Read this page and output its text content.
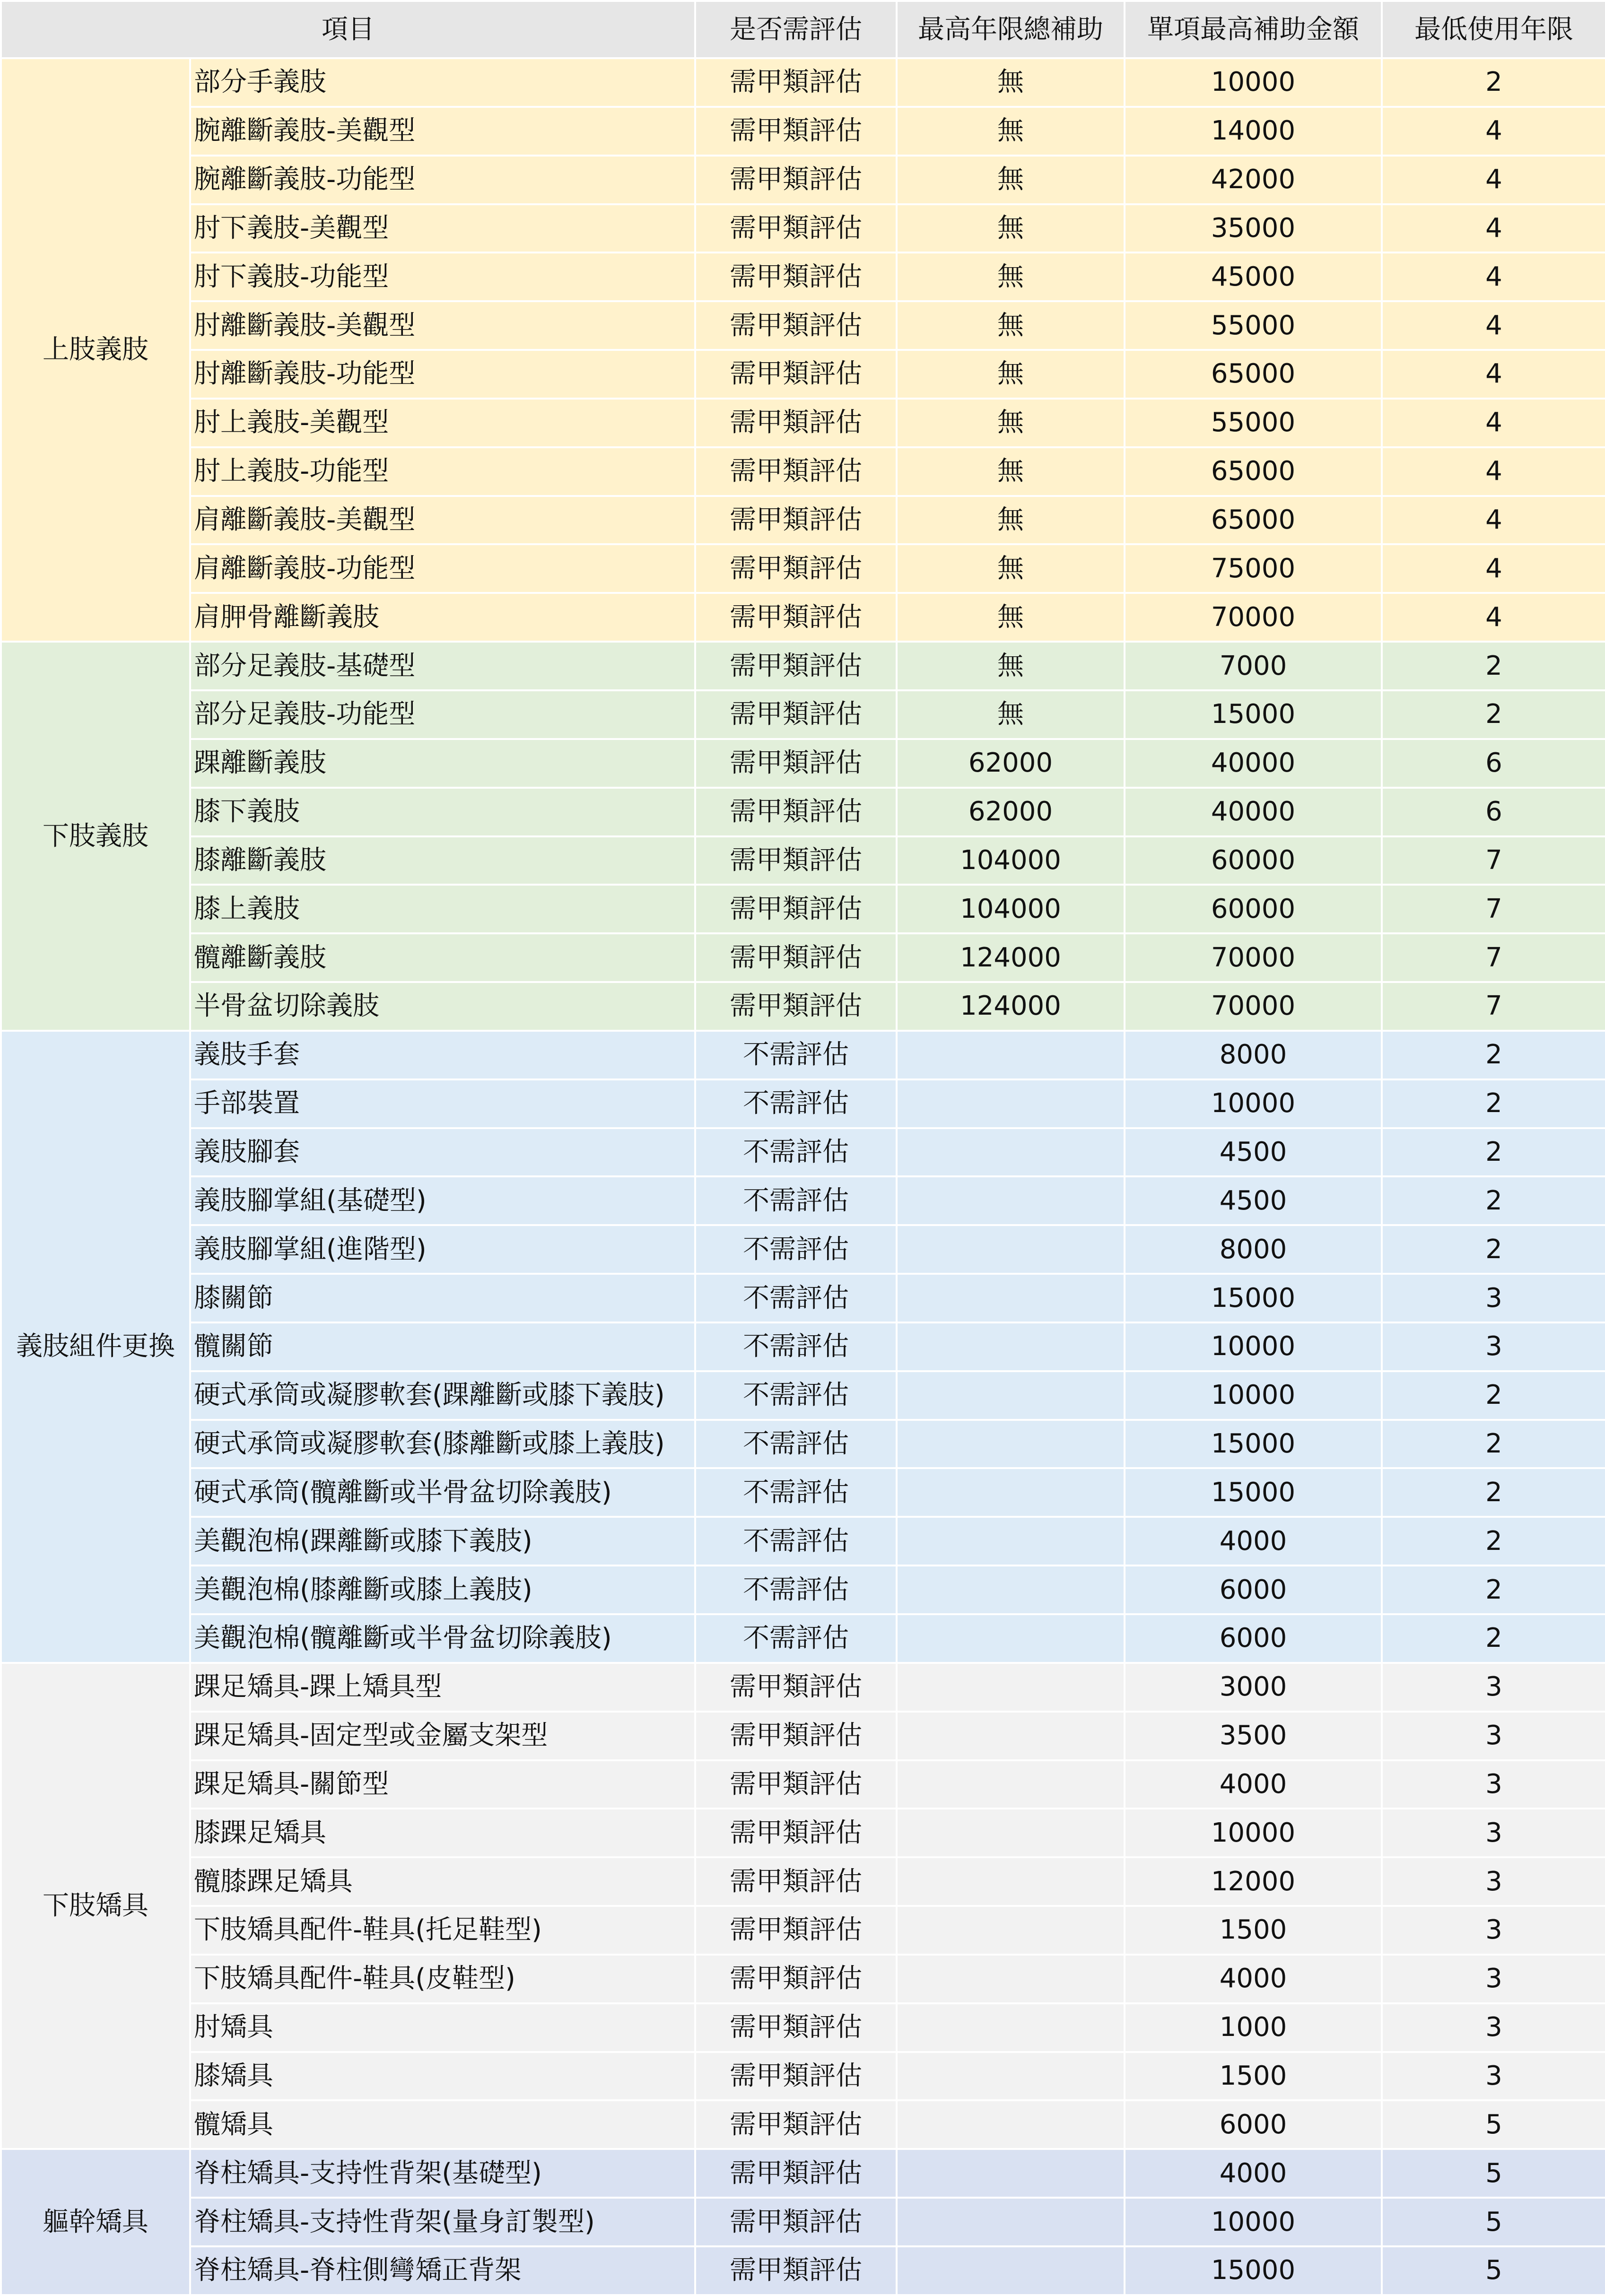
項目		是否需評估	最高年限總補助	單項最高補助金額	最低使用年限
上肢義肢	部分手義肢	需甲類評估	無	10000	2
	腕離斷義肢-美觀型	需甲類評估	無	14000	4
	腕離斷義肢-功能型	需甲類評估	無	42000	4
	肘下義肢-美觀型	需甲類評估	無	35000	4
	肘下義肢-功能型	需甲類評估	無	45000	4
	肘離斷義肢-美觀型	需甲類評估	無	55000	4
	肘離斷義肢-功能型	需甲類評估	無	65000	4
	肘上義肢-美觀型	需甲類評估	無	55000	4
	肘上義肢-功能型	需甲類評估	無	65000	4
	肩離斷義肢-美觀型	需甲類評估	無	65000	4
	肩離斷義肢-功能型	需甲類評估	無	75000	4
	肩胛骨離斷義肢	需甲類評估	無	70000	4
下肢義肢	部分足義肢-基礎型	需甲類評估	無	7000	2
	部分足義肢-功能型	需甲類評估	無	15000	2
	踝離斷義肢	需甲類評估	62000	40000	6
	膝下義肢	需甲類評估	62000	40000	6
	膝離斷義肢	需甲類評估	104000	60000	7
	膝上義肢	需甲類評估	104000	60000	7
	髖離斷義肢	需甲類評估	124000	70000	7
	半骨盆切除義肢	需甲類評估	124000	70000	7
義肢組件更換	義肢手套	不需評估		8000	2
	手部裝置	不需評估		10000	2
	義肢腳套	不需評估		4500	2
	義肢腳掌組(基礎型)	不需評估		4500	2
	義肢腳掌組(進階型)	不需評估		8000	2
	膝關節	不需評估		15000	3
	髖關節	不需評估		10000	3
	硬式承筒或凝膠軟套(踝離斷或膝下義肢)	不需評估		10000	2
	硬式承筒或凝膠軟套(膝離斷或膝上義肢)	不需評估		15000	2
	硬式承筒(髖離斷或半骨盆切除義肢)	不需評估		15000	2
	美觀泡棉(踝離斷或膝下義肢)	不需評估		4000	2
	美觀泡棉(膝離斷或膝上義肢)	不需評估		6000	2
	美觀泡棉(髖離斷或半骨盆切除義肢)	不需評估		6000	2
下肢矯具	踝足矯具-踝上矯具型	需甲類評估		3000	3
	踝足矯具-固定型或金屬支架型	需甲類評估		3500	3
	踝足矯具-關節型	需甲類評估		4000	3
	膝踝足矯具	需甲類評估		10000	3
	髖膝踝足矯具	需甲類評估		12000	3
	下肢矯具配件-鞋具(托足鞋型)	需甲類評估		1500	3
	下肢矯具配件-鞋具(皮鞋型)	需甲類評估		4000	3
	肘矯具	需甲類評估		1000	3
	膝矯具	需甲類評估		1500	3
	髖矯具	需甲類評估		6000	5
軀幹矯具	脊柱矯具-支持性背架(基礎型)	需甲類評估		4000	5
	脊柱矯具-支持性背架(量身訂製型)	需甲類評估		10000	5
	脊柱矯具-脊柱側彎矯正背架	需甲類評估		15000	5
